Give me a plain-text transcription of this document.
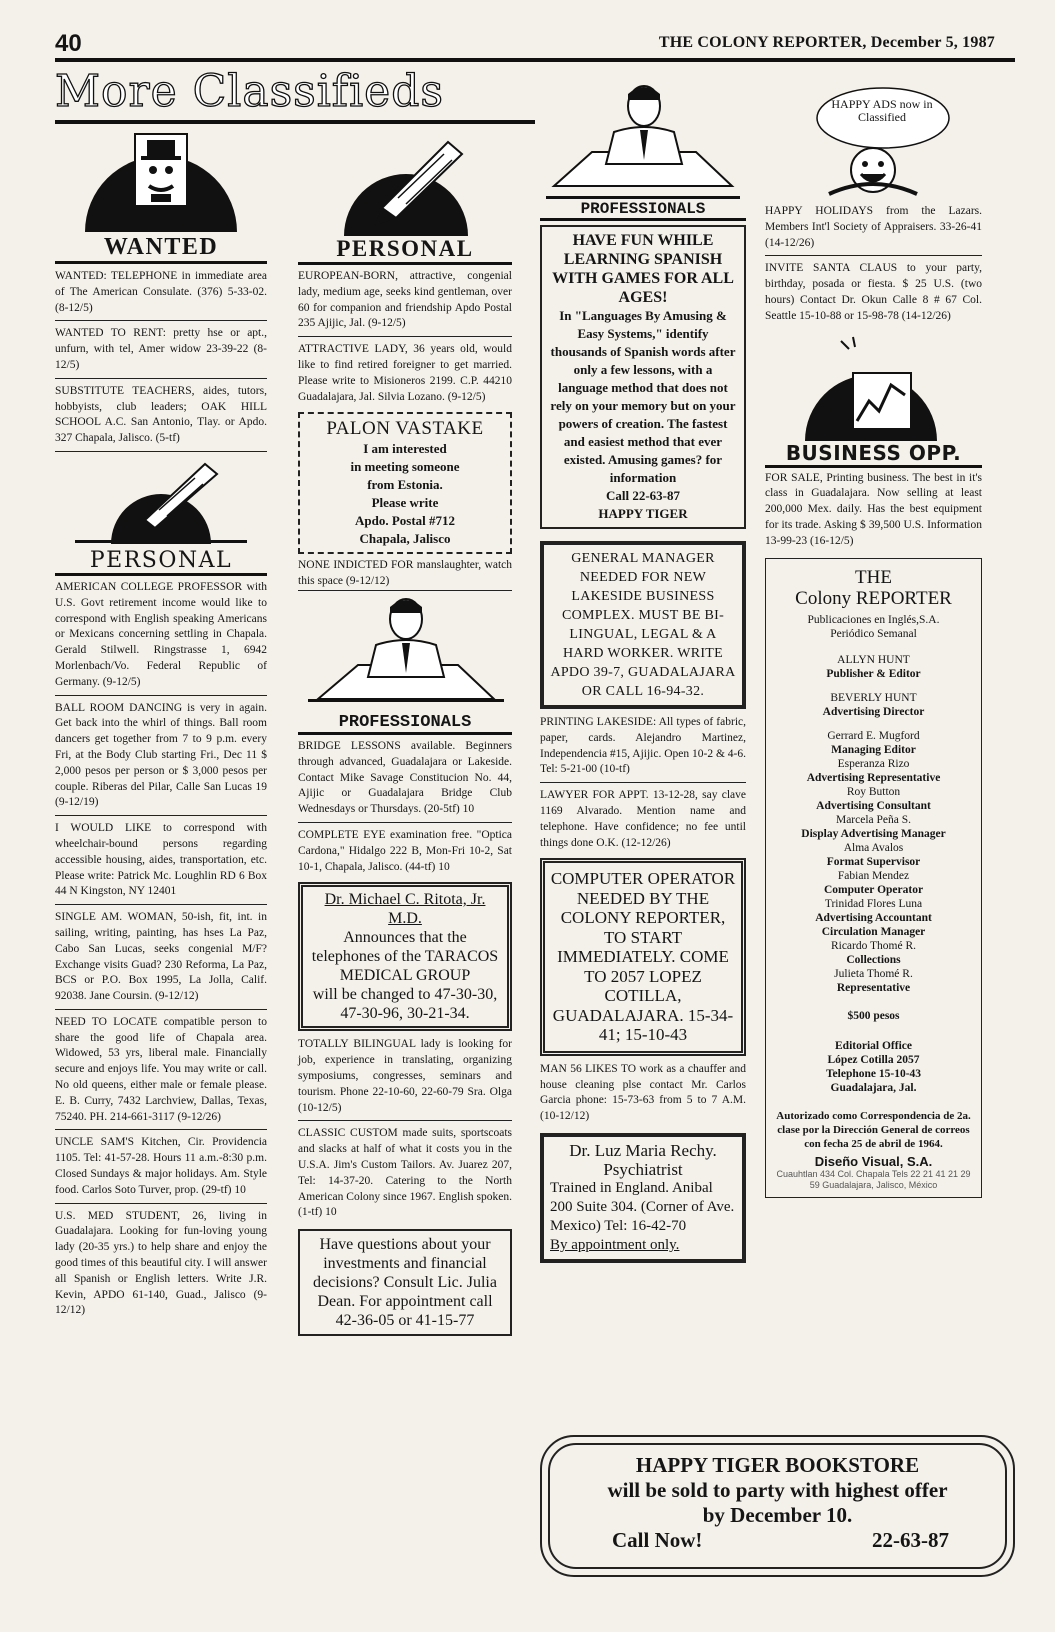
40	THE COLONY REPORTER, December 5, 1987
More Classifieds
WANTED
WANTED: TELEPHONE in immediate area of The American Consulate. (376) 5-33-02. (8-12/5)
WANTED TO RENT: pretty hse or apt., unfurn, with tel, Amer widow 23-39-22 (8-12/5)
SUBSTITUTE TEACHERS, aides, tutors, hobbyists, club leaders; OAK HILL SCHOOL A.C. San Antonio, Tlay. or Apdo. 327 Chapala, Jalisco. (5-tf)
PERSONAL
AMERICAN COLLEGE PROFESSOR with U.S. Govt retirement income would like to correspond with English speaking Americans or Mexicans concerning settling in Chapala. Gerald Stilwell. Ringstrasse 1, 6942 Morlenbach/Vo. Federal Republic of Germany. (9-12/5)
BALL ROOM DANCING is very in again. Get back into the whirl of things. Ball room dancers get together from 7 to 9 p.m. every Fri, at the Body Club starting Fri., Dec 11 $ 2,000 pesos per person or $ 3,000 pesos per couple. Riberas del Pilar, Calle San Lucas 19 (9-12/19)
I WOULD LIKE to correspond with wheelchair-bound persons regarding accessible housing, aides, transportation, etc. Please write: Patrick Mc. Loughlin RD 6 Box 44 N Kingston, NY 12401
SINGLE AM. WOMAN, 50-ish, fit, int. in sailing, writing, painting, has hses La Paz, Cabo San Lucas, seeks congenial M/F? Exchange visits Guad? 230 Reforma, La Paz, BCS or P.O. Box 1995, La Jolla, Calif. 92038. Jane Coursin. (9-12/12)
NEED TO LOCATE compatible person to share the good life of Chapala area. Widowed, 53 yrs, liberal male. Financially secure and enjoys life. You may write or call. No old queens, either male or female please. E. B. Curry, 7432 Larchview, Dallas, Texas, 75240. PH. 214-661-3117 (9-12/26)
UNCLE SAM'S Kitchen, Cir. Providencia 1105. Tel: 41-57-28. Hours 11 a.m.-8:30 p.m. Closed Sundays & major holidays. Am. Style food. Carlos Soto Turver, prop. (29-tf) 10
U.S. MED STUDENT, 26, living in Guadalajara. Looking for fun-loving young lady (20-35 yrs.) to help share and enjoy the good times of this beautiful city. I will answer all Spanish or English letters. Write J.R. Kevin, APDO 61-140, Guad., Jalisco (9-12/12)
PERSONAL
EUROPEAN-BORN, attractive, congenial lady, medium age, seeks kind gentleman, over 60 for companion and friendship Apdo Postal 235 Ajijic, Jal. (9-12/5)
ATTRACTIVE LADY, 36 years old, would like to find retired foreigner to get married. Please write to Misioneros 2199. C.P. 44210 Guadalajara, Jal. Silvia Lozano. (9-12/5)
PALON VASTAKE
I am interested
in meeting someone
from Estonia.
Please write
Apdo. Postal #712
Chapala, Jalisco
NONE INDICTED FOR manslaughter, watch this space (9-12/12)
PROFESSIONALS
BRIDGE LESSONS available. Beginners through advanced, Guadalajara or Lakeside. Contact Mike Savage Constitucion No. 44, Ajijic or Guadalajara Bridge Club Wednesdays or Thursdays. (20-5tf) 10
COMPLETE EYE examination free. "Optica Cardona," Hidalgo 222 B, Mon-Fri 10-2, Sat 10-1, Chapala, Jalisco. (44-tf) 10
Dr. Michael C. Ritota, Jr. M.D.
Announces that the telephones of the TARACOS MEDICAL GROUP
will be changed to 47-30-30, 47-30-96, 30-21-34.
TOTALLY BILINGUAL lady is looking for job, experience in translating, organizing symposiums, congresses, seminars and tourism. Phone 22-10-60, 22-60-79 Sra. Olga (10-12/5)
CLASSIC CUSTOM made suits, sportscoats and slacks at half of what it costs you in the U.S.A. Jim's Custom Tailors. Av. Juarez 207, Tel: 14-37-20. Catering to the North American Colony since 1967. English spoken. (1-tf) 10
Have questions about your investments and financial decisions? Consult Lic. Julia Dean. For appointment call 42-36-05 or 41-15-77
PROFESSIONALS
HAVE FUN WHILE LEARNING SPANISH WITH GAMES FOR ALL AGES!
In "Languages By Amusing & Easy Systems," identify thousands of Spanish words after only a few lessons, with a language method that does not rely on your memory but on your powers of creation. The fastest and easiest method that ever existed. Amusing games? for information
Call 22-63-87
HAPPY TIGER
GENERAL MANAGER NEEDED FOR NEW LAKESIDE BUSINESS COMPLEX. MUST BE BI-LINGUAL, LEGAL & A HARD WORKER. WRITE APDO 39-7, GUADALAJARA OR CALL 16-94-32.
PRINTING LAKESIDE: All types of fabric, paper, cards. Alejandro Martinez, Independencia #15, Ajijic. Open 10-2 & 4-6. Tel: 5-21-00 (10-tf)
LAWYER FOR APPT. 13-12-28, say clave 1169 Alvarado. Mention name and telephone. Have confidence; no fee until things done O.K. (12-12/26)
COMPUTER OPERATOR NEEDED BY THE COLONY REPORTER, TO START IMMEDIATELY. COME TO 2057 LOPEZ COTILLA, GUADALAJARA. 15-34-41; 15-10-43
MAN 56 LIKES TO work as a chauffer and house cleaning plse contact Mr. Carlos Garcia phone: 15-73-63 from 5 to 7 A.M. (10-12/12)
Dr. Luz Maria Rechy.
Psychiatrist
Trained in England. Anibal 200 Suite 304. (Corner of Ave. Mexico) Tel: 16-42-70
By appointment only.
HAPPY ADS now in Classified
HAPPY HOLIDAYS from the Lazars. Members Int'l Society of Appraisers. 33-26-41 (14-12/26)
INVITE SANTA CLAUS to your party, birthday, posada or fiesta. $ 25 U.S. (two hours) Contact Dr. Okun Calle 8 # 67 Col. Seattle 15-10-88 or 15-98-78 (14-12/26)
BUSINESS OPP.
FOR SALE, Printing business. The best in it's class in Guadalajara. Now selling at least 200,000 Mex. daily. Has the best equipment for its trade. Asking $ 39,500 U.S. Information 13-99-23 (16-12/5)
THE
Colony REPORTER
Publicaciones en Inglés,S.A.
Periódico Semanal
ALLYN HUNT
Publisher & Editor
BEVERLY HUNT
Advertising Director
Gerrard E. Mugford
Managing Editor
Esperanza Rizo
Advertising Representative
Roy Button
Advertising Consultant
Marcela Peña S.
Display Advertising Manager
Alma Avalos
Format Supervisor
Fabian Mendez
Computer Operator
Trinidad Flores Luna
Advertising Accountant
Circulation Manager
Ricardo Thomé R.
Collections
Julieta Thomé R.
Representative
$500 pesos
Editorial Office
López Cotilla 2057
Telephone 15-10-43
Guadalajara, Jal.
Autorizado como Correspondencia de 2a. clase por la Dirección General de correos con fecha 25 de abril de 1964.
Diseño Visual, S.A.
Cuauhtlan 434 Col. Chapala Tels 22 21 41 21 29 59 Guadalajara, Jalisco, México
HAPPY TIGER BOOKSTORE
will be sold to party with highest offer
by December 10.
Call Now!	22-63-87
